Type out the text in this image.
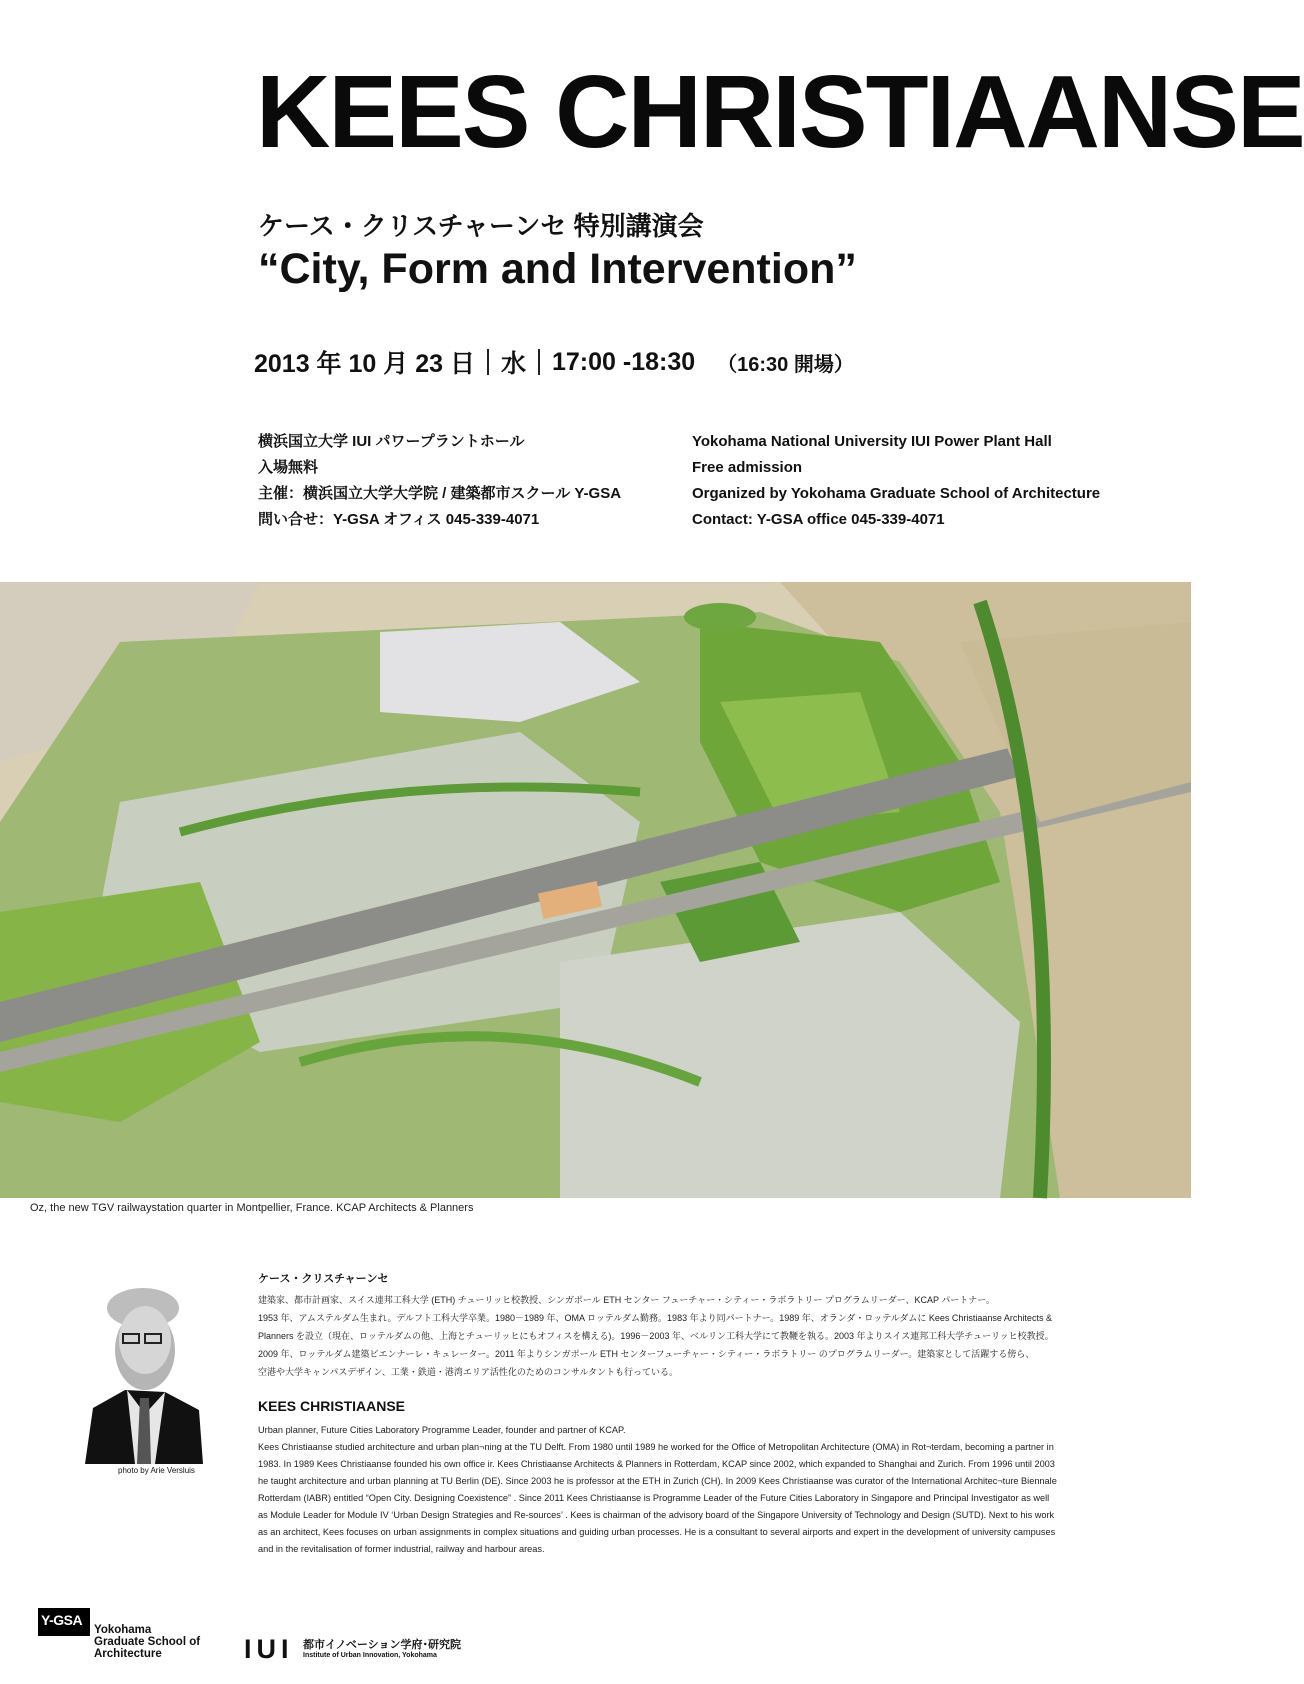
KEES CHRISTIAANSE
ケース・クリスチャーンセ 特別講演会
“City, Form and Intervention”
2013 年 10 月 23 日 水 17:00 -18:30 （16:30 開場）
横浜国立大学 IUI パワープラントホール
入場無料
主催：横浜国立大学大学院 / 建築都市スクール Y-GSA
問い合せ：Y-GSA オフィス 045-339-4071
Yokohama National University IUI Power Plant Hall
Free admission
Organized by Yokohama Graduate School of Architecture
Contact: Y-GSA office 045-339-4071
Oz, the new TGV railwaystation quarter in Montpellier, France. KCAP Architects & Planners
photo by Arie Versluis
ケース・クリスチャーンセ
建築家、都市計画家、スイス連邦工科大学 (ETH) チューリッヒ校教授、シンガポール ETH センター フューチャー・シティー・ラボラトリー プログラムリーダー、KCAP パートナー。
1953 年、アムステルダム生まれ。デルフト工科大学卒業。1980－1989 年、OMA ロッテルダム勤務。1983 年より同パートナー。1989 年、オランダ・ロッテルダムに Kees Christiaanse Architects &
Planners を設立（現在、ロッテルダムの他、上海とチューリッヒにもオフィスを構える)。1996－2003 年、ベルリン工科大学にて教鞭を執る。2003 年よりスイス連邦工科大学チューリッヒ校教授。
2009 年、ロッテルダム建築ビエンナーレ・キュレーター。2011 年よりシンガポール ETH センターフューチャー・シティー・ラボラトリー のプログラムリーダー。建築家として活躍する傍ら、
空港や大学キャンパスデザイン、工業・鉄道・港湾エリア活性化のためのコンサルタントも行っている。
KEES CHRISTIAANSE
Urban planner, Future Cities Laboratory Programme Leader, founder and partner of KCAP.
Kees Christiaanse studied architecture and urban plan¬ning at the TU Delft. From 1980 until 1989 he worked for the Office of Metropolitan Architecture (OMA) in Rot¬terdam, becoming a partner in
1983. In 1989 Kees Christiaanse founded his own office ir. Kees Christiaanse Architects & Planners in Rotterdam, KCAP since 2002, which expanded to Shanghai and Zurich. From 1996 until 2003
he taught architecture and urban planning at TU Berlin (DE). Since 2003 he is professor at the ETH in Zurich (CH). In 2009 Kees Christiaanse was curator of the International Architec¬ture Biennale
Rotterdam (IABR) entitled “Open City. Designing Coexistence” . Since 2011 Kees Christiaanse is Programme Leader of the Future Cities Laboratory in Singapore and Principal Investigator as well
as Module Leader for Module IV ‘Urban Design Strategies and Re-sources’ . Kees is chairman of the advisory board of the Singapore University of Technology and Design (SUTD). Next to his work
as an architect, Kees focuses on urban assignments in complex situations and guiding urban processes. He is a consultant to several airports and expert in the development of university campuses
and in the revitalisation of former industrial, railway and harbour areas.
Y-GSA
Yokohama
Graduate School of
Architecture	IUI 都市イノベーション学府･研究院
Institute of Urban Innovation, Yokohama
